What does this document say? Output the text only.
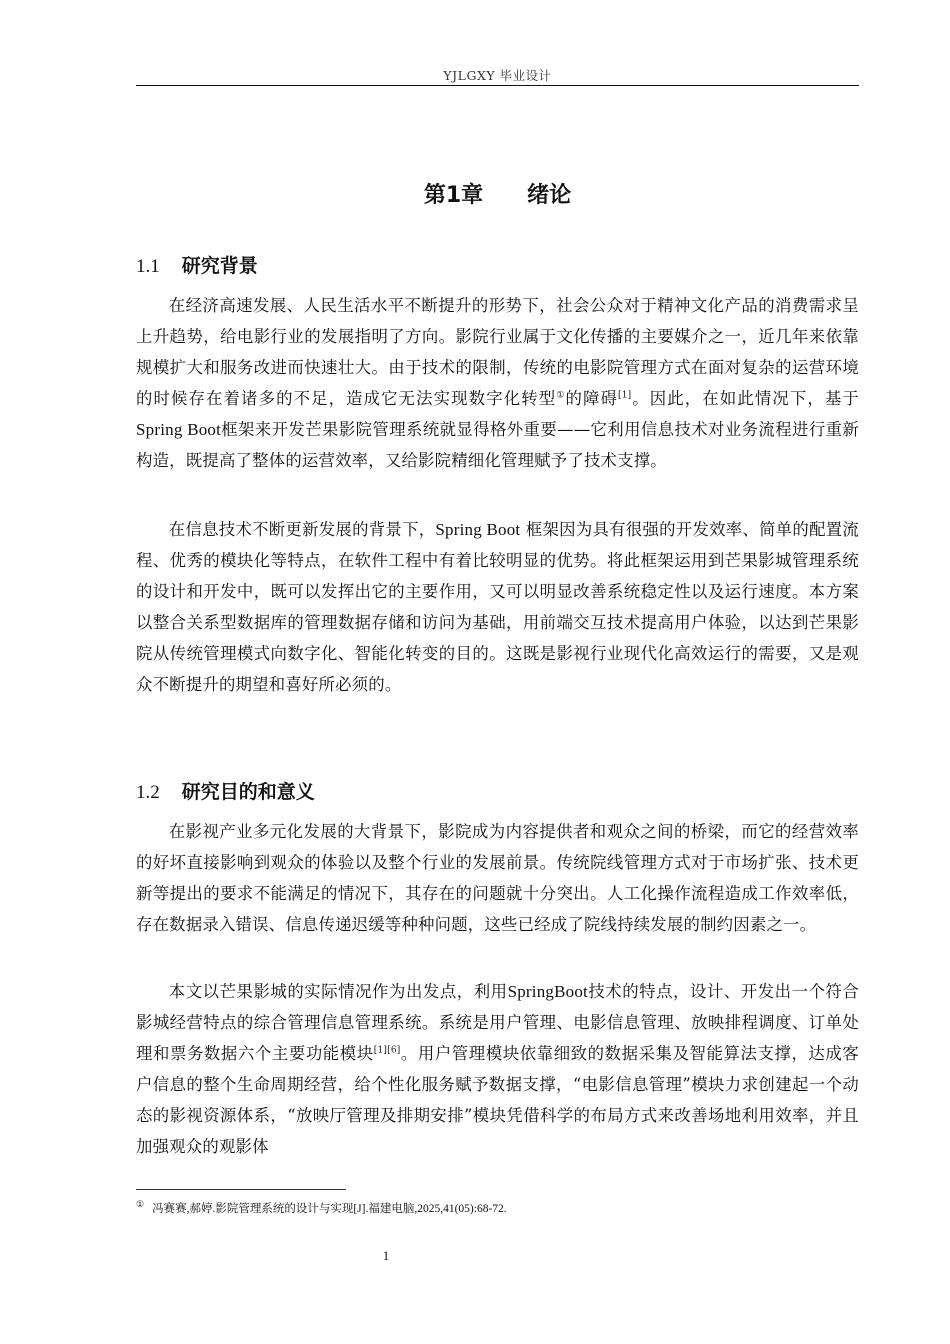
YJLGXY 毕业设计
第1章　　绪论
1.1 研究背景
在经济高速发展、人民生活水平不断提升的形势下，社会公众对于精神文化产品的消费需求呈上升趋势，给电影行业的发展指明了方向。影院行业属于文化传播的主要媒介之一，近几年来依靠规模扩大和服务改进而快速壮大。由于技术的限制，传统的电影院管理方式在面对复杂的运营环境的时候存在着诸多的不足，造成它无法实现数字化转型①的障碍[1]。因此，在如此情况下，基于Spring Boot框架来开发芒果影院管理系统就显得格外重要——它利用信息技术对业务流程进行重新构造，既提高了整体的运营效率，又给影院精细化管理赋予了技术支撑。
在信息技术不断更新发展的背景下，Spring Boot 框架因为具有很强的开发效率、简单的配置流程、优秀的模块化等特点，在软件工程中有着比较明显的优势。将此框架运用到芒果影城管理系统的设计和开发中，既可以发挥出它的主要作用，又可以明显改善系统稳定性以及运行速度。本方案以整合关系型数据库的管理数据存储和访问为基础，用前端交互技术提高用户体验，以达到芒果影院从传统管理模式向数字化、智能化转变的目的。这既是影视行业现代化高效运行的需要，又是观众不断提升的期望和喜好所必须的。
1.2 研究目的和意义
在影视产业多元化发展的大背景下，影院成为内容提供者和观众之间的桥梁，而它的经营效率的好坏直接影响到观众的体验以及整个行业的发展前景。传统院线管理方式对于市场扩张、技术更新等提出的要求不能满足的情况下，其存在的问题就十分突出。人工化操作流程造成工作效率低，存在数据录入错误、信息传递迟缓等种种问题，这些已经成了院线持续发展的制约因素之一。
本文以芒果影城的实际情况作为出发点，利用SpringBoot技术的特点，设计、开发出一个符合影城经营特点的综合管理信息管理系统。系统是用户管理、电影信息管理、放映排程调度、订单处理和票务数据六个主要功能模块[1][6]。用户管理模块依靠细致的数据采集及智能算法支撑，达成客户信息的整个生命周期经营，给个性化服务赋予数据支撑，“电影信息管理”模块力求创建起一个动态的影视资源体系，“放映厅管理及排期安排”模块凭借科学的布局方式来改善场地利用效率，并且加强观众的观影体
① 冯赛赛,郝婷.影院管理系统的设计与实现[J].福建电脑,2025,41(05):68-72.
1
